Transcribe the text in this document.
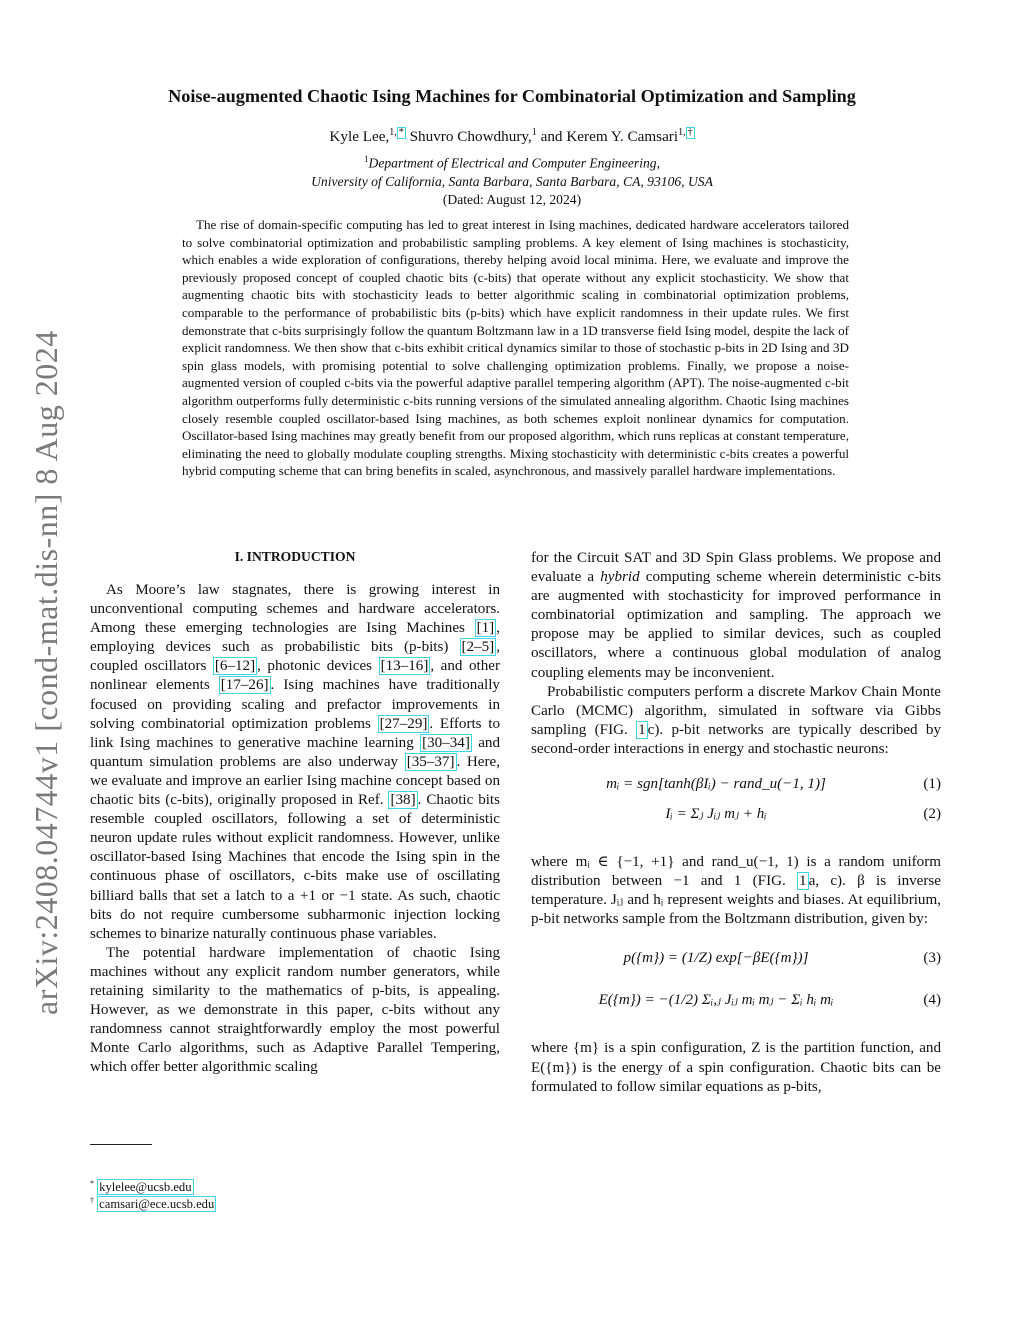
arXiv:2408.04744v1 [cond-mat.dis-nn] 8 Aug 2024
Noise-augmented Chaotic Ising Machines for Combinatorial Optimization and Sampling
Kyle Lee,$^{1,}$ * Shuvro Chowdhury,$^1$ and Kerem Y. Camsari$^{1,}$ †
$^1$Department of Electrical and Computer Engineering,
University of California, Santa Barbara, Santa Barbara, CA, 93106, USA
(Dated: August 12, 2024)
The rise of domain-specific computing has led to great interest in Ising machines, dedicated hardware accelerators tailored to solve combinatorial optimization and probabilistic sampling problems. A key element of Ising machines is stochasticity, which enables a wide exploration of configurations, thereby helping avoid local minima. Here, we evaluate and improve the previously proposed concept of coupled chaotic bits (c-bits) that operate without any explicit stochasticity. We show that augmenting chaotic bits with stochasticity leads to better algorithmic scaling in combinatorial optimization problems, comparable to the performance of probabilistic bits (p-bits) which have explicit randomness in their update rules. We first demonstrate that c-bits surprisingly follow the quantum Boltzmann law in a 1D transverse field Ising model, despite the lack of explicit randomness. We then show that c-bits exhibit critical dynamics similar to those of stochastic p-bits in 2D Ising and 3D spin glass models, with promising potential to solve challenging optimization problems. Finally, we propose a noise-augmented version of coupled c-bits via the powerful adaptive parallel tempering algorithm (APT). The noise-augmented c-bit algorithm outperforms fully deterministic c-bits running versions of the simulated annealing algorithm. Chaotic Ising machines closely resemble coupled oscillator-based Ising machines, as both schemes exploit nonlinear dynamics for computation. Oscillator-based Ising machines may greatly benefit from our proposed algorithm, which runs replicas at constant temperature, eliminating the need to globally modulate coupling strengths. Mixing stochasticity with deterministic c-bits creates a powerful hybrid computing scheme that can bring benefits in scaled, asynchronous, and massively parallel hardware implementations.
I. INTRODUCTION

As Moore’s law stagnates, there is growing interest in unconventional computing schemes and hardware accelerators. Among these emerging technologies are Ising Machines [1] , employing devices such as probabilistic bits (p-bits) [2–5] , coupled oscillators [6–12] , photonic devices [13–16] , and other nonlinear elements [17–26] . Ising machines have traditionally focused on providing scaling and prefactor improvements in solving combinatorial optimization problems [27–29] . Efforts to link Ising machines to generative machine learning [30–34] and quantum simulation problems are also underway [35–37] . Here, we evaluate and improve an earlier Ising machine concept based on chaotic bits (c-bits), originally proposed in Ref. [38] . Chaotic bits resemble coupled oscillators, following a set of deterministic neuron update rules without explicit randomness. However, unlike oscillator-based Ising Machines that encode the Ising spin in the continuous phase of oscillators, c-bits make use of oscillating billiard balls that set a latch to a +1 or −1 state. As such, chaotic bits do not require cumbersome subharmonic injection locking schemes to binarize naturally continuous phase variables.

The potential hardware implementation of chaotic Ising machines without any explicit random number generators, while retaining similarity to the mathematics of p-bits, is appealing. However, as we demonstrate in this paper, c-bits without any randomness cannot straightforwardly employ the most powerful Monte Carlo algorithms, such as Adaptive Parallel Tempering, which offer better algorithmic scaling

for the Circuit SAT and 3D Spin Glass problems. We propose and evaluate a hybrid computing scheme wherein deterministic c-bits are augmented with stochasticity for improved performance in combinatorial optimization and sampling. The approach we propose may be applied to similar devices, such as coupled oscillators, where a continuous global modulation of analog coupling elements may be inconvenient.

Probabilistic computers perform a discrete Markov Chain Monte Carlo (MCMC) algorithm, simulated in software via Gibbs sampling (FIG. 1 c). p-bit networks are typically described by second-order interactions in energy and stochastic neurons:

mᵢ = sgn[tanh(βIᵢ) − rand_u(−1, 1)]	(1)
Iᵢ = Σⱼ Jᵢⱼ mⱼ + hᵢ	(2)

where mᵢ ∈ {−1, +1} and rand_u(−1, 1) is a random uniform distribution between −1 and 1 (FIG. 1 a, c). β is inverse temperature. Jᵢⱼ and hᵢ represent weights and biases. At equilibrium, p-bit networks sample from the Boltzmann distribution, given by:

p({m}) = (1/Z) exp[−βE({m})]	(3)
E({m}) = −(1/2) Σᵢ,ⱼ Jᵢⱼ mᵢ mⱼ − Σᵢ hᵢ mᵢ	(4)

where {m} is a spin configuration, Z is the partition function, and E({m}) is the energy of a spin configuration. Chaotic bits can be formulated to follow similar equations as p-bits,

* kylelee@ucsb.edu
† camsari@ece.ucsb.edu
